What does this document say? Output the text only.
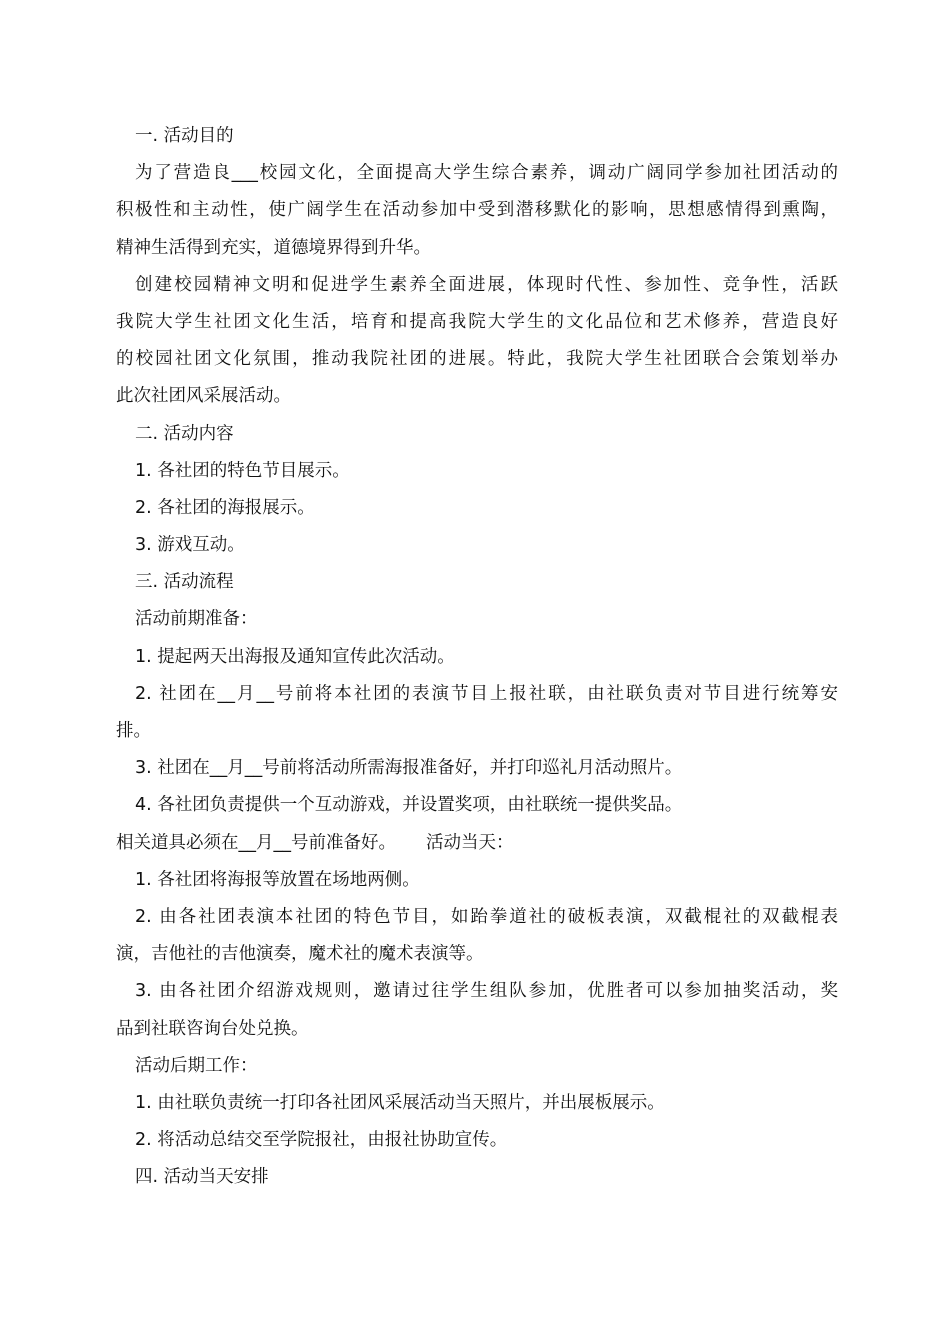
一. 活动目的

为了营造良___校园文化，全面提高大学生综合素养，调动广阔同学参加社团活动的

积极性和主动性，使广阔学生在活动参加中受到潜移默化的影响，思想感情得到熏陶，

精神生活得到充实，道德境界得到升华。

创建校园精神文明和促进学生素养全面进展，体现时代性、参加性、竞争性，活跃

我院大学生社团文化生活，培育和提高我院大学生的文化品位和艺术修养，营造良好

的校园社团文化氛围，推动我院社团的进展。特此，我院大学生社团联合会策划举办

此次社团风采展活动。

二. 活动内容

1. 各社团的特色节目展示。

2. 各社团的海报展示。

3. 游戏互动。

三. 活动流程

活动前期准备：

1. 提起两天出海报及通知宣传此次活动。

2. 社团在__月__号前将本社团的表演节目上报社联，由社联负责对节目进行统筹安

排。

3. 社团在__月__号前将活动所需海报准备好，并打印巡礼月活动照片。

4. 各社团负责提供一个互动游戏，并设置奖项，由社联统一提供奖品。

相关道具必须在__月__号前准备好。 活动当天：

1. 各社团将海报等放置在场地两侧。

2. 由各社团表演本社团的特色节目，如跆拳道社的破板表演，双截棍社的双截棍表

演，吉他社的吉他演奏，魔术社的魔术表演等。

3. 由各社团介绍游戏规则，邀请过往学生组队参加，优胜者可以参加抽奖活动，奖

品到社联咨询台处兑换。

活动后期工作：

1. 由社联负责统一打印各社团风采展活动当天照片，并出展板展示。

2. 将活动总结交至学院报社，由报社协助宣传。

四. 活动当天安排
